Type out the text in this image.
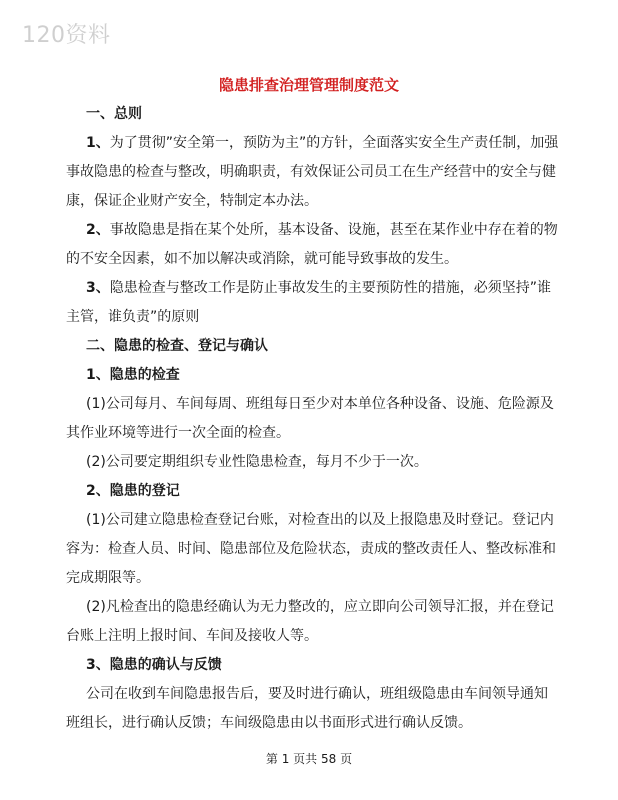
120资料
隐患排查治理管理制度范文
一、总则
1、为了贯彻”安全第一，预防为主”的方针，全面落实安全生产责任制，加强
事故隐患的检查与整改，明确职责，有效保证公司员工在生产经营中的安全与健
康，保证企业财产安全，特制定本办法。
2、事故隐患是指在某个处所，基本设备、设施，甚至在某作业中存在着的物
的不安全因素，如不加以解决或消除，就可能导致事故的发生。
3、隐患检查与整改工作是防止事故发生的主要预防性的措施，必须坚持”谁
主管，谁负责”的原则
二、隐患的检查、登记与确认
1、隐患的检查
(1)公司每月、车间每周、班组每日至少对本单位各种设备、设施、危险源及
其作业环境等进行一次全面的检查。
(2)公司要定期组织专业性隐患检查，每月不少于一次。
2、隐患的登记
(1)公司建立隐患检查登记台账，对检查出的以及上报隐患及时登记。登记内
容为：检查人员、时间、隐患部位及危险状态，责成的整改责任人、整改标准和
完成期限等。
(2)凡检查出的隐患经确认为无力整改的，应立即向公司领导汇报，并在登记
台账上注明上报时间、车间及接收人等。
3、隐患的确认与反馈
公司在收到车间隐患报告后，要及时进行确认，班组级隐患由车间领导通知
班组长，进行确认反馈；车间级隐患由以书面形式进行确认反馈。
第 1 页共 58 页
